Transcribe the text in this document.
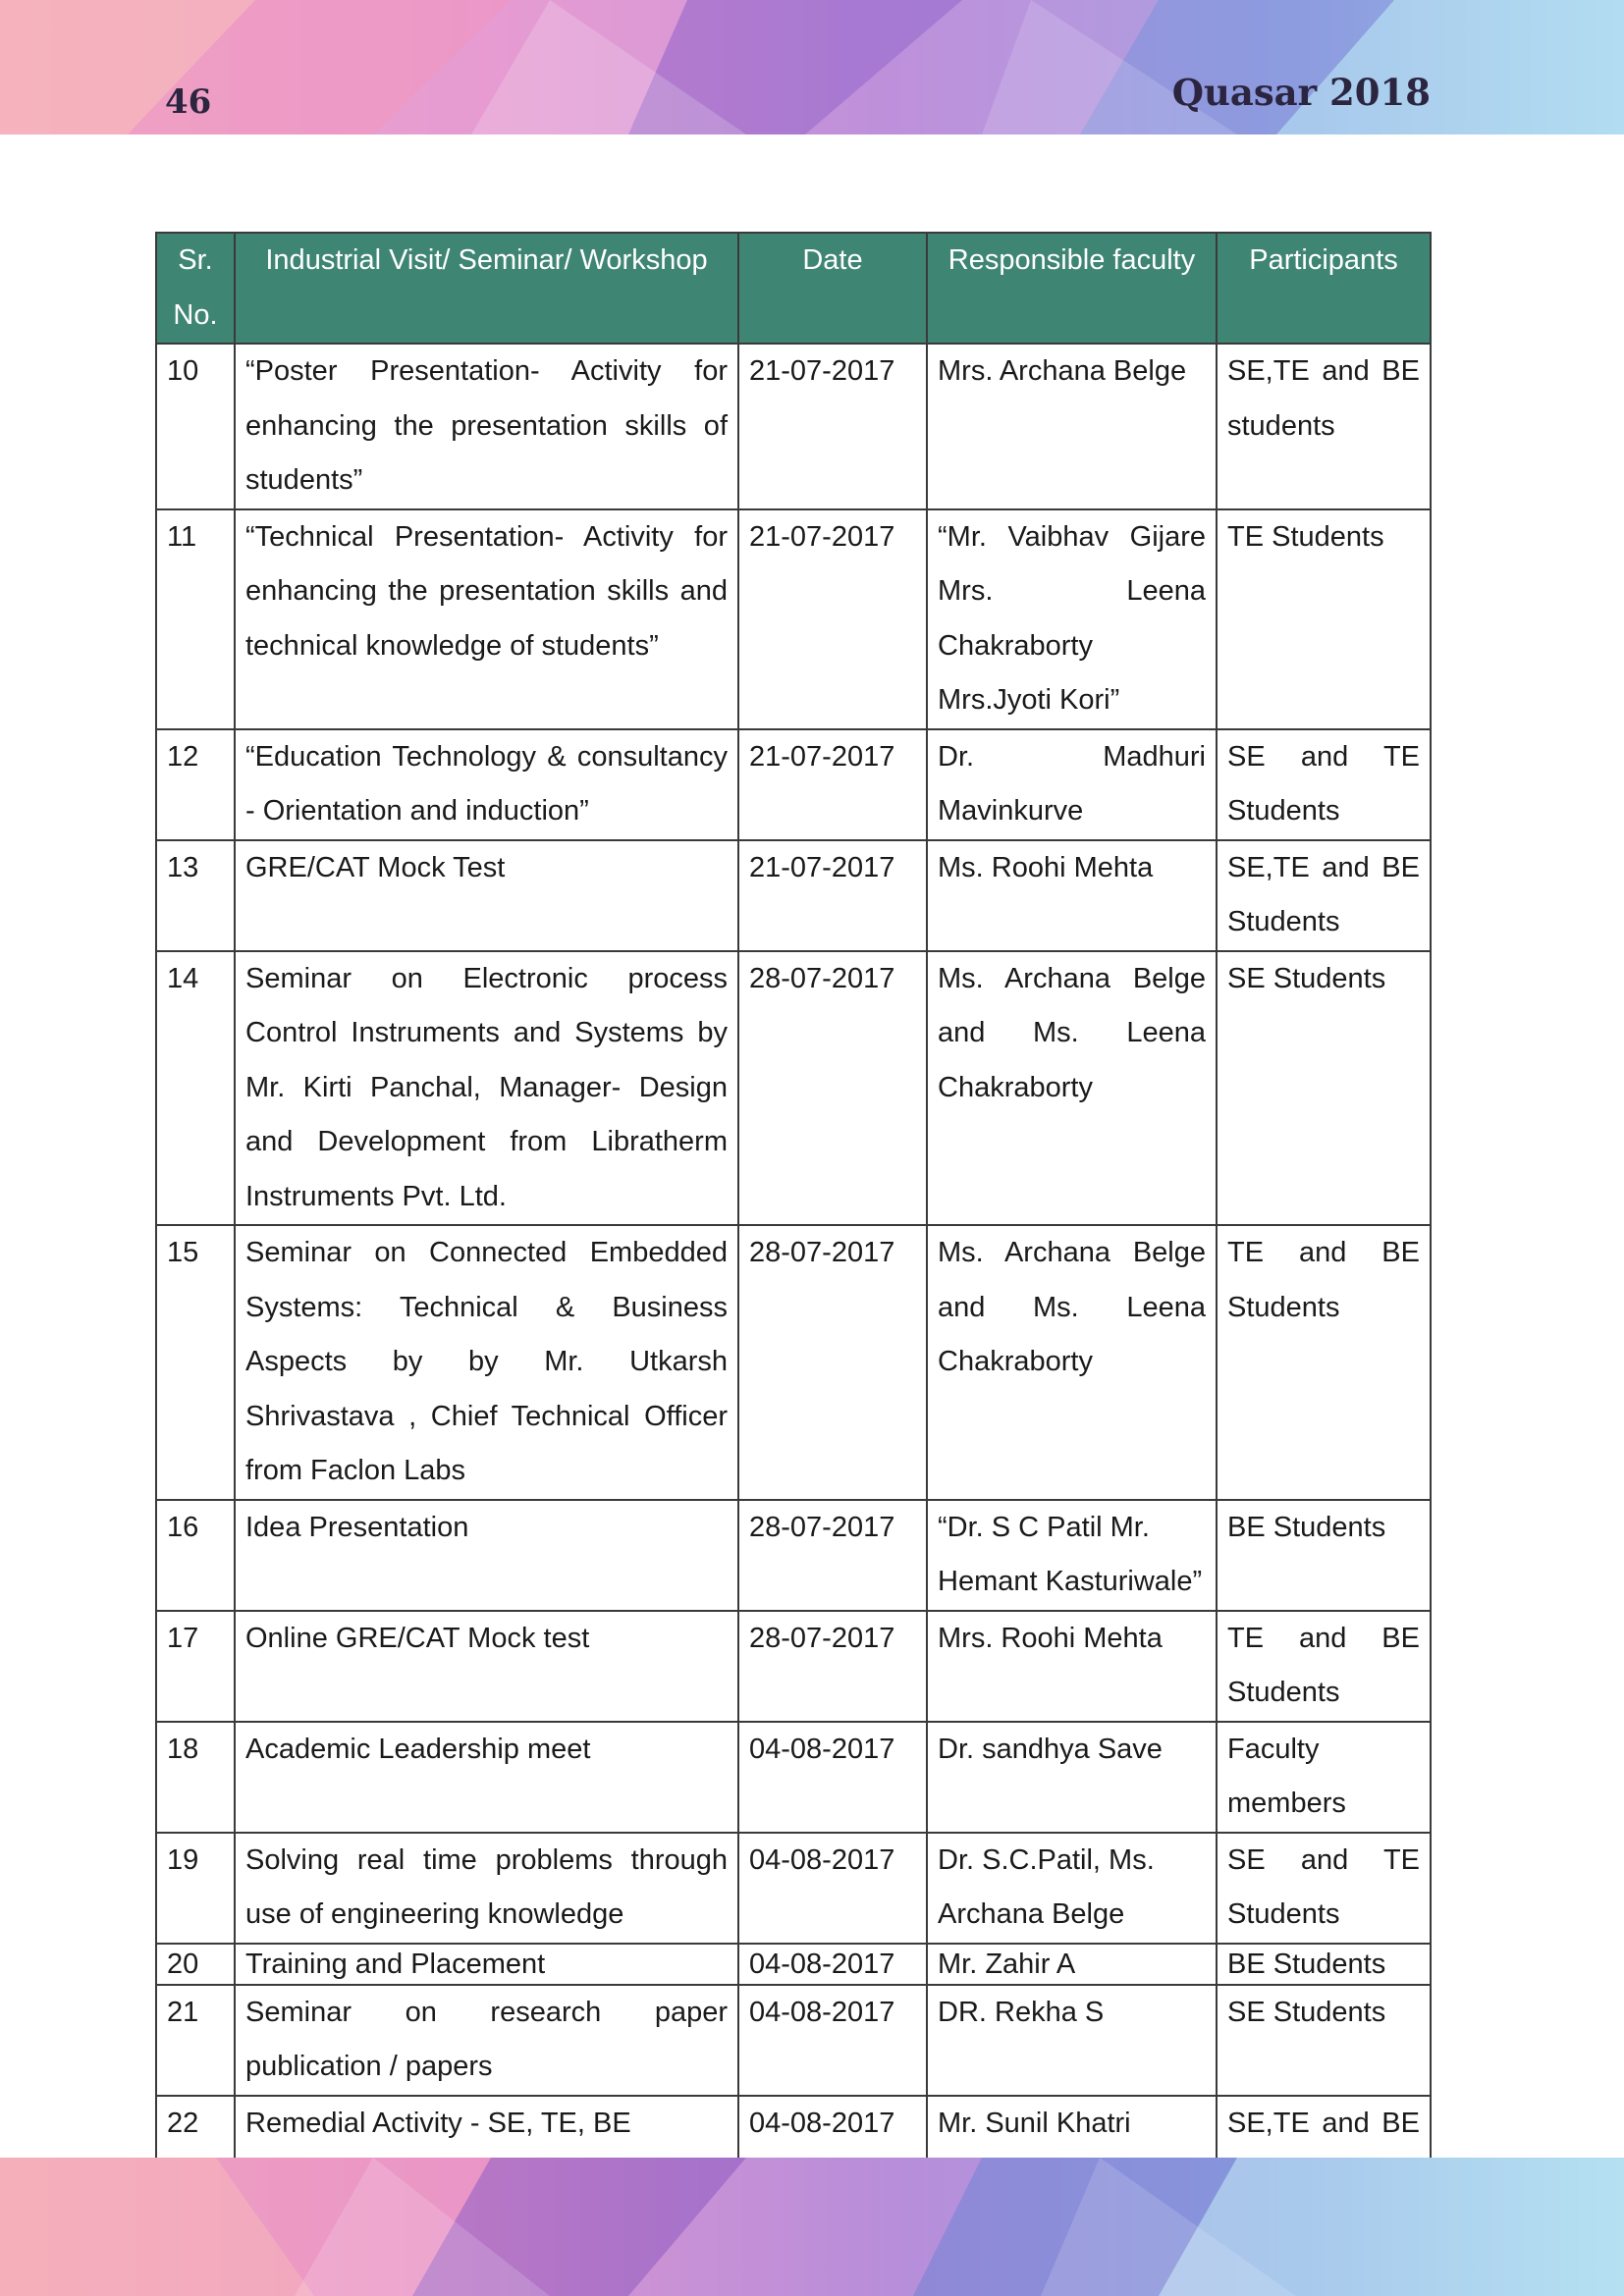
46	Quasar 2018
Sr. No.	Industrial Visit/ Seminar/ Workshop	Date	Responsible faculty	Participants
10	“Poster Presentation- Activity for enhancing the presentation skills of students”	21-07-2017	Mrs. Archana Belge	SE,TE and BE students
11	“Technical Presentation- Activity for enhancing the presentation skills and technical knowledge of students”	21-07-2017	“Mr. Vaibhav Gijare Mrs. Leena Chakraborty Mrs.Jyoti Kori”	TE Students
12	“Education Technology & consultancy - Orientation and induction”	21-07-2017	Dr. Madhuri Mavinkurve	SE and TE Students
13	GRE/CAT Mock Test	21-07-2017	Ms. Roohi Mehta	SE,TE and BE Students
14	Seminar on Electronic process Control Instruments and Systems by Mr. Kirti Panchal, Manager- Design and Development from Libratherm Instruments Pvt. Ltd.	28-07-2017	Ms. Archana Belge and Ms. Leena Chakraborty	SE Students
15	Seminar on Connected Embedded Systems: Technical & Business Aspects by by Mr. Utkarsh Shrivastava , Chief Technical Officer from Faclon Labs	28-07-2017	Ms. Archana Belge and Ms. Leena Chakraborty	TE and BE Students
16	Idea Presentation	28-07-2017	“Dr. S C Patil Mr. Hemant Kasturiwale”	BE Students
17	Online GRE/CAT Mock test	28-07-2017	Mrs. Roohi Mehta	TE and BE Students
18	Academic Leadership meet	04-08-2017	Dr. sandhya Save	Faculty members
19	Solving real time problems through use of engineering knowledge	04-08-2017	Dr. S.C.Patil, Ms. Archana Belge	SE and TE Students
20	Training and Placement	04-08-2017	Mr. Zahir A	BE Students
21	Seminar on research paper publication / papers	04-08-2017	DR. Rekha S	SE Students
22	Remedial Activity - SE, TE, BE	04-08-2017	Mr. Sunil Khatri	SE,TE and BE
